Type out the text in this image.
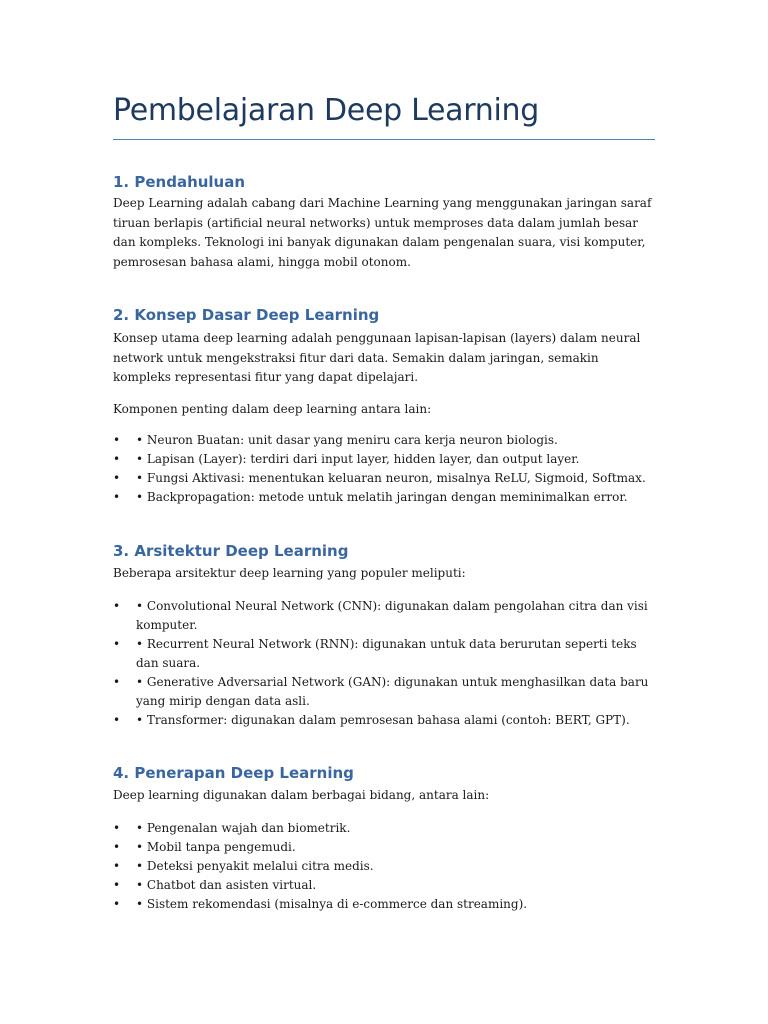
Pembelajaran Deep Learning
1. Pendahuluan

Deep Learning adalah cabang dari Machine Learning yang menggunakan jaringan saraf tiruan berlapis (artificial neural networks) untuk memproses data dalam jumlah besar dan kompleks. Teknologi ini banyak digunakan dalam pengenalan suara, visi komputer, pemrosesan bahasa alami, hingga mobil otonom.

2. Konsep Dasar Deep Learning

Konsep utama deep learning adalah penggunaan lapisan-lapisan (layers) dalam neural network untuk mengekstraksi fitur dari data. Semakin dalam jaringan, semakin kompleks representasi fitur yang dapat dipelajari.

Komponen penting dalam deep learning antara lain:

• • Neuron Buatan: unit dasar yang meniru cara kerja neuron biologis.
• • Lapisan (Layer): terdiri dari input layer, hidden layer, dan output layer.
• • Fungsi Aktivasi: menentukan keluaran neuron, misalnya ReLU, Sigmoid, Softmax.
• • Backpropagation: metode untuk melatih jaringan dengan meminimalkan error.
3. Arsitektur Deep Learning

Beberapa arsitektur deep learning yang populer meliputi:

• • Convolutional Neural Network (CNN): digunakan dalam pengolahan citra dan visi komputer.
• • Recurrent Neural Network (RNN): digunakan untuk data berurutan seperti teks dan suara.
• • Generative Adversarial Network (GAN): digunakan untuk menghasilkan data baru yang mirip dengan data asli.
• • Transformer: digunakan dalam pemrosesan bahasa alami (contoh: BERT, GPT).
4. Penerapan Deep Learning

Deep learning digunakan dalam berbagai bidang, antara lain:

• • Pengenalan wajah dan biometrik.
• • Mobil tanpa pengemudi.
• • Deteksi penyakit melalui citra medis.
• • Chatbot dan asisten virtual.
• • Sistem rekomendasi (misalnya di e-commerce dan streaming).
